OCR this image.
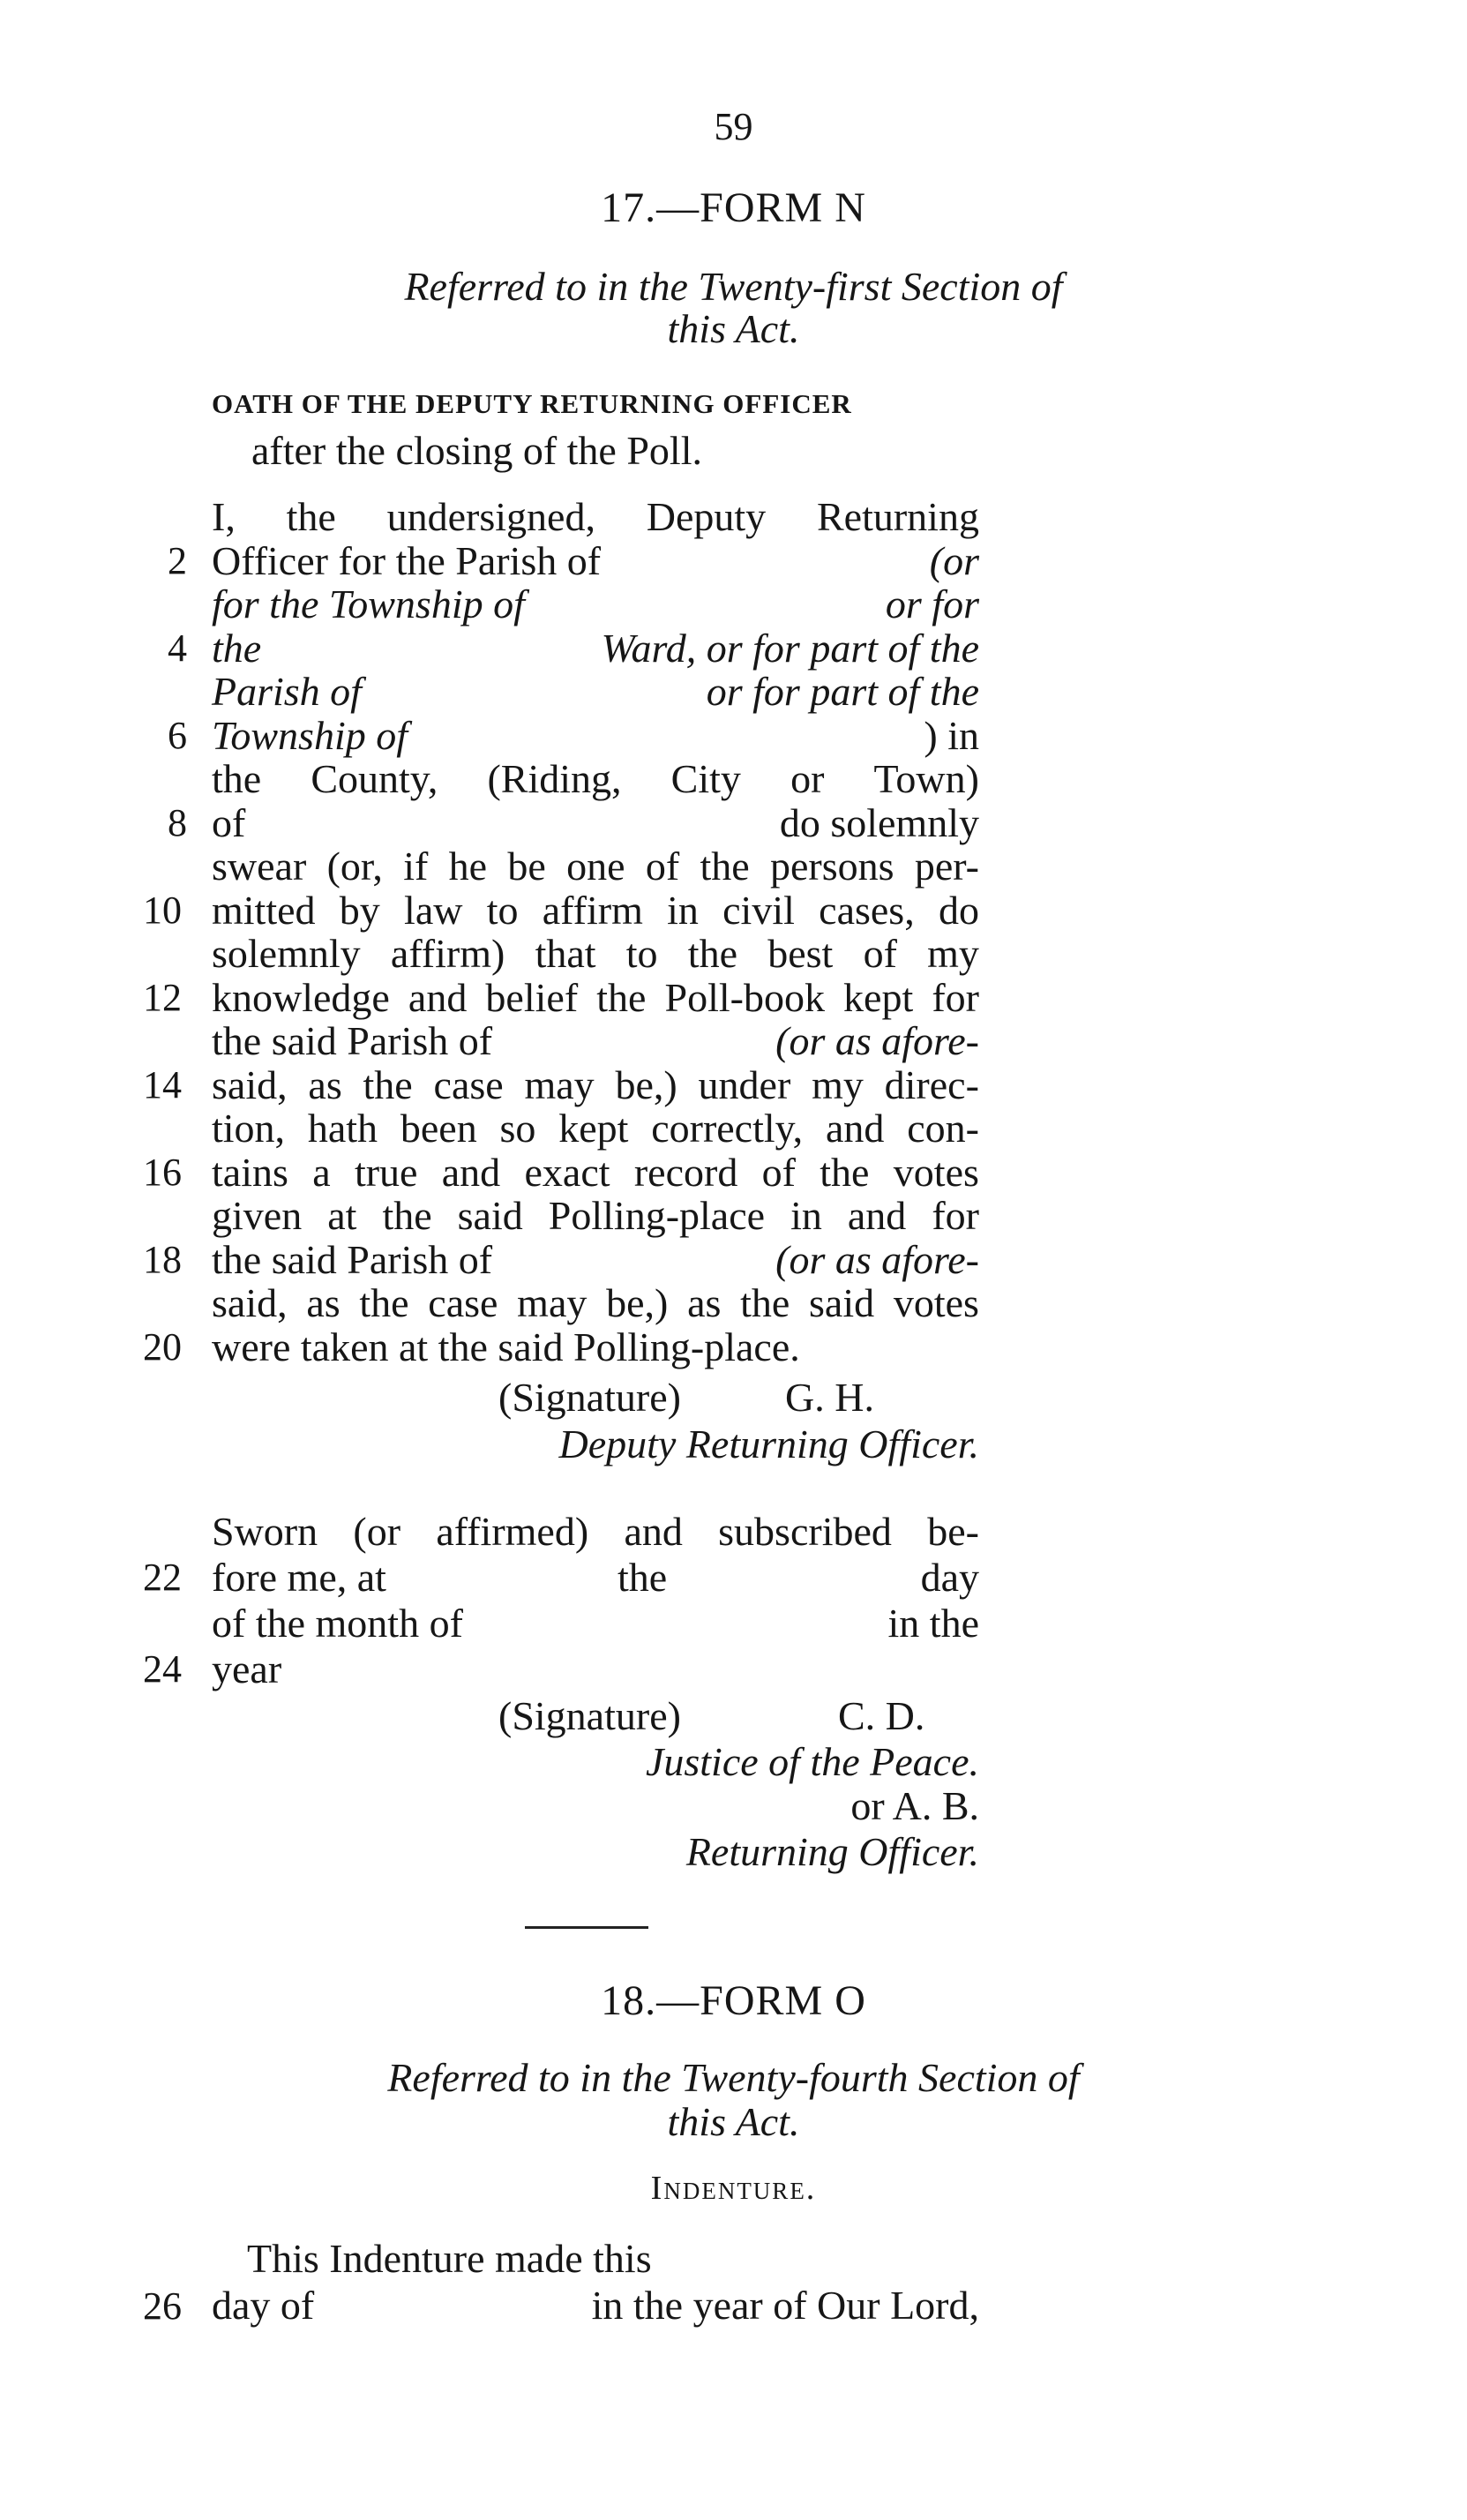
59
17.—FORM N
Referred to in the Twenty-first Section of
this Act.
OATH OF THE DEPUTY RETURNING OFFICER
after the closing of the Poll.
I, the undersigned, Deputy Returning
2 Officer for the Parish of	(or
for the Township of	or for
4 the	Ward, or for part of the
Parish of	or for part of the
6 Township of	) in
the County, (Riding, City or Town)
8 of	do solemnly
swear (or, if he be one of the persons per-
10 mitted by law to affirm in civil cases, do
solemnly affirm) that to the best of my
12 knowledge and belief the Poll-book kept for
the said Parish of	(or as afore-
14 said, as the case may be,) under my direc-
tion, hath been so kept correctly, and con-
16 tains a true and exact record of the votes
given at the said Polling-place in and for
18 the said Parish of	(or as afore-
said, as the case may be,) as the said votes
20 were taken at the said Polling-place.
(Signature)	G. H.
Deputy Returning Officer.
Sworn (or affirmed) and subscribed be-
22 fore me, at	the	day
of the month of	in the
24 year
(Signature)	C. D.
Justice of the Peace.
or A. B.
Returning Officer.
18.—FORM O
Referred to in the Twenty-fourth Section of
this Act.
Indenture.
This Indenture made this
26 day of	in the year of Our Lord,
